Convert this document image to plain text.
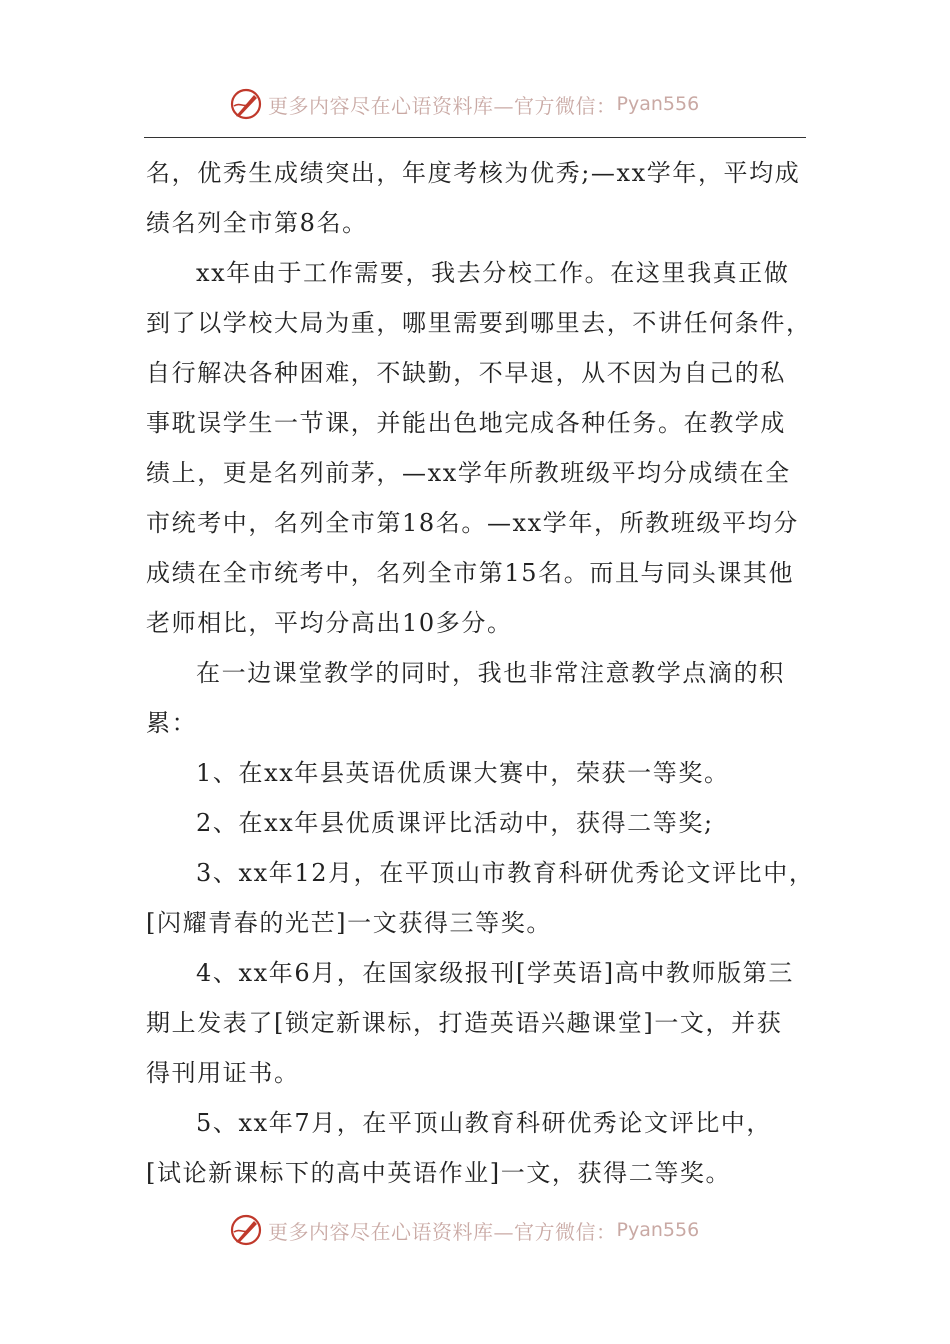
更多内容尽在心语资料库—官方微信： Pyan556
名，优秀生成绩突出，年度考核为优秀;—xx学年，平均成
绩名列全市第8名。
xx年由于工作需要，我去分校工作。在这里我真正做
到了以学校大局为重，哪里需要到哪里去，不讲任何条件，
自行解决各种困难，不缺勤，不早退，从不因为自己的私
事耽误学生一节课，并能出色地完成各种任务。在教学成
绩上，更是名列前茅，—xx学年所教班级平均分成绩在全
市统考中，名列全市第18名。—xx学年，所教班级平均分
成绩在全市统考中，名列全市第15名。而且与同头课其他
老师相比，平均分高出10多分。
在一边课堂教学的同时，我也非常注意教学点滴的积
累：
1、在xx年县英语优质课大赛中，荣获一等奖。
2、在xx年县优质课评比活动中，获得二等奖;
3、xx年12月，在平顶山市教育科研优秀论文评比中，
[闪耀青春的光芒]一文获得三等奖。
4、xx年6月，在国家级报刊[学英语]高中教师版第三
期上发表了[锁定新课标，打造英语兴趣课堂]一文，并获
得刊用证书。
5、xx年7月，在平顶山教育科研优秀论文评比中，
[试论新课标下的高中英语作业]一文，获得二等奖。
更多内容尽在心语资料库—官方微信： Pyan556
